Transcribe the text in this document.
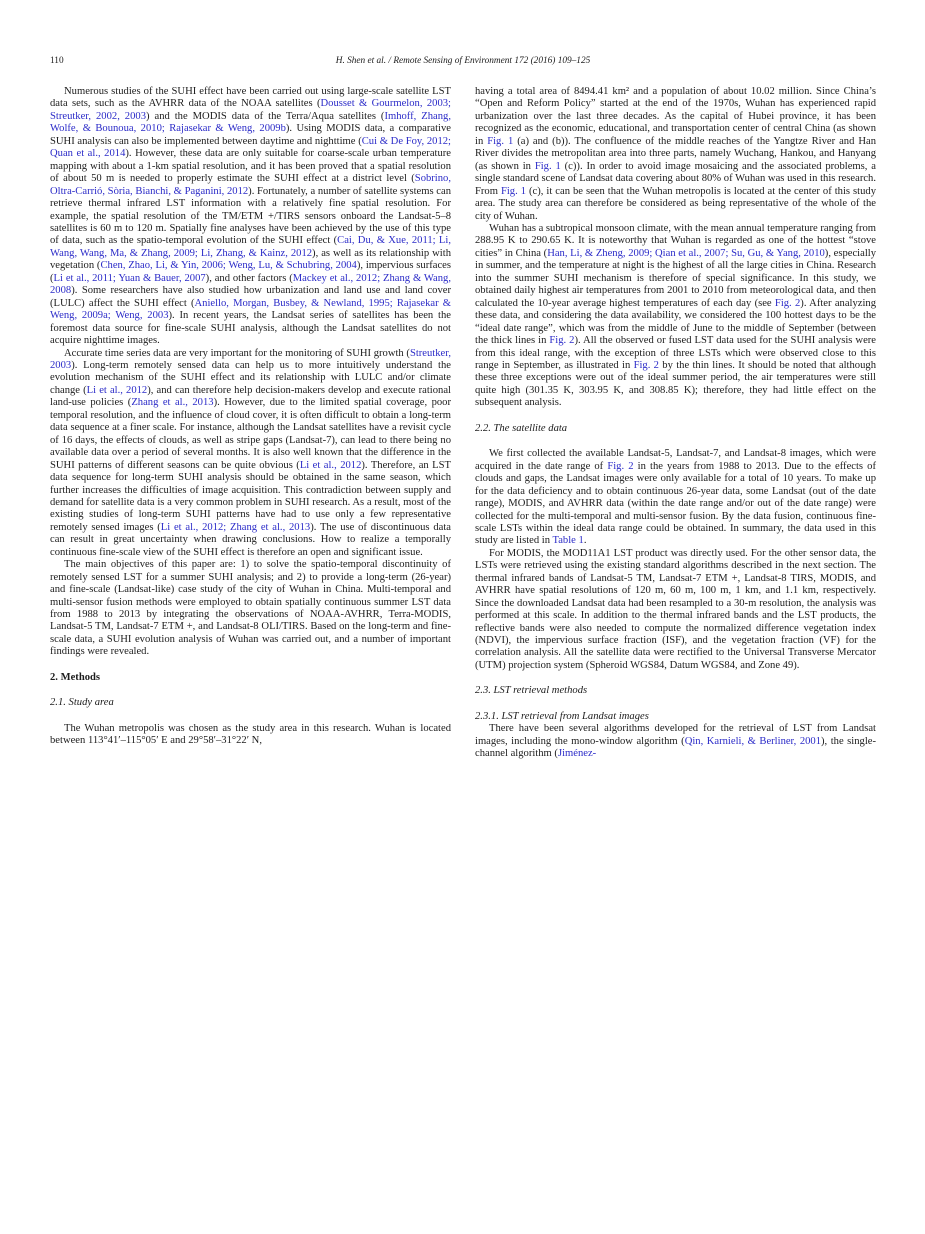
110	H. Shen et al. / Remote Sensing of Environment 172 (2016) 109–125

Numerous studies of the SUHI effect have been carried out using large-scale satellite LST data sets, such as the AVHRR data of the NOAA satellites (Dousset & Gourmelon, 2003; Streutker, 2002, 2003) and the MODIS data of the Terra/Aqua satellites (Imhoff, Zhang, Wolfe, & Bounoua, 2010; Rajasekar & Weng, 2009b). Using MODIS data, a comparative SUHI analysis can also be implemented between daytime and nighttime (Cui & De Foy, 2012; Quan et al., 2014). However, these data are only suitable for coarse-scale urban temperature mapping with about a 1-km spatial resolution, and it has been proved that a spatial resolution of about 50 m is needed to properly estimate the SUHI effect at a district level (Sobrino, Oltra-Carrió, Sòria, Bianchi, & Paganini, 2012). Fortunately, a number of satellite systems can retrieve thermal infrared LST information with a relatively fine spatial resolution. For example, the spatial resolution of the TM/ETM +/TIRS sensors onboard the Landsat-5–8 satellites is 60 m to 120 m. Spatially fine analyses have been achieved by the use of this type of data, such as the spatio-temporal evolution of the SUHI effect (Cai, Du, & Xue, 2011; Li, Wang, Wang, Ma, & Zhang, 2009; Li, Zhang, & Kainz, 2012), as well as its relationship with vegetation (Chen, Zhao, Li, & Yin, 2006; Weng, Lu, & Schubring, 2004), impervious surfaces (Li et al., 2011; Yuan & Bauer, 2007), and other factors (Mackey et al., 2012; Zhang & Wang, 2008). Some researchers have also studied how urbanization and land use and land cover (LULC) affect the SUHI effect (Aniello, Morgan, Busbey, & Newland, 1995; Rajasekar & Weng, 2009a; Weng, 2003). In recent years, the Landsat series of satellites has been the foremost data source for fine-scale SUHI analysis, although the Landsat satellites do not acquire nighttime images.

Accurate time series data are very important for the monitoring of SUHI growth (Streutker, 2003). Long-term remotely sensed data can help us to more intuitively understand the evolution mechanism of the SUHI effect and its relationship with LULC and/or climate change (Li et al., 2012), and can therefore help decision-makers develop and execute rational land-use policies (Zhang et al., 2013). However, due to the limited spatial coverage, poor temporal resolution, and the influence of cloud cover, it is often difficult to obtain a long-term data sequence at a finer scale. For instance, although the Landsat satellites have a revisit cycle of 16 days, the effects of clouds, as well as stripe gaps (Landsat-7), can lead to there being no available data over a period of several months. It is also well known that the difference in the SUHI patterns of different seasons can be quite obvious (Li et al., 2012). Therefore, an LST data sequence for long-term SUHI analysis should be obtained in the same season, which further increases the difficulties of image acquisition. This contradiction between supply and demand for satellite data is a very common problem in SUHI research. As a result, most of the existing studies of long-term SUHI patterns have had to use only a few representative remotely sensed images (Li et al., 2012; Zhang et al., 2013). The use of discontinuous data can result in great uncertainty when drawing conclusions. How to realize a temporally continuous fine-scale view of the SUHI effect is therefore an open and significant issue.

The main objectives of this paper are: 1) to solve the spatio-temporal discontinuity of remotely sensed LST for a summer SUHI analysis; and 2) to provide a long-term (26-year) and fine-scale (Landsat-like) case study of the city of Wuhan in China. Multi-temporal and multi-sensor fusion methods were employed to obtain spatially continuous summer LST data from 1988 to 2013 by integrating the observations of NOAA-AVHRR, Terra-MODIS, Landsat-5 TM, Landsat-7 ETM +, and Landsat-8 OLI/TIRS. Based on the long-term and fine-scale data, a SUHI evolution analysis of Wuhan was carried out, and a number of important findings were revealed.

2. Methods
2.1. Study area

The Wuhan metropolis was chosen as the study area in this research. Wuhan is located between 113°41′–115°05′ E and 29°58′–31°22′ N,

having a total area of 8494.41 km² and a population of about 10.02 million. Since China’s “Open and Reform Policy” started at the end of the 1970s, Wuhan has experienced rapid urbanization over the last three decades. As the capital of Hubei province, it has been recognized as the economic, educational, and transportation center of central China (as shown in Fig. 1 (a) and (b)). The confluence of the middle reaches of the Yangtze River and Han River divides the metropolitan area into three parts, namely Wuchang, Hankou, and Hanyang (as shown in Fig. 1 (c)). In order to avoid image mosaicing and the associated problems, a single standard scene of Landsat data covering about 80% of Wuhan was used in this research. From Fig. 1 (c), it can be seen that the Wuhan metropolis is located at the center of this study area. The study area can therefore be considered as being representative of the whole of the city of Wuhan.

Wuhan has a subtropical monsoon climate, with the mean annual temperature ranging from 288.95 K to 290.65 K. It is noteworthy that Wuhan is regarded as one of the hottest “stove cities” in China (Han, Li, & Zheng, 2009; Qian et al., 2007; Su, Gu, & Yang, 2010), especially in summer, and the temperature at night is the highest of all the large cities in China. Research into the summer SUHI mechanism is therefore of special significance. In this study, we obtained daily highest air temperatures from 2001 to 2010 from meteorological data, and then calculated the 10-year average highest temperatures of each day (see Fig. 2). After analyzing these data, and considering the data availability, we considered the 100 hottest days to be the “ideal date range”, which was from the middle of June to the middle of September (between the thick lines in Fig. 2). All the observed or fused LST data used for the SUHI analysis were from this ideal range, with the exception of three LSTs which were observed close to this range in September, as illustrated in Fig. 2 by the thin lines. It should be noted that although these three exceptions were out of the ideal summer period, the air temperatures were still quite high (301.35 K, 303.95 K, and 308.85 K); therefore, they had little effect on the subsequent analysis.

2.2. The satellite data

We first collected the available Landsat-5, Landsat-7, and Landsat-8 images, which were acquired in the date range of Fig. 2 in the years from 1988 to 2013. Due to the effects of clouds and gaps, the Landsat images were only available for a total of 10 years. To make up for the data deficiency and to obtain continuous 26-year data, some Landsat (out of the date range), MODIS, and AVHRR data (within the date range and/or out of the date range) were collected for the multi-temporal and multi-sensor fusion. By the data fusion, continuous fine-scale LSTs within the ideal data range could be obtained. In summary, the data used in this study are listed in Table 1.

For MODIS, the MOD11A1 LST product was directly used. For the other sensor data, the LSTs were retrieved using the existing standard algorithms described in the next section. The thermal infrared bands of Landsat-5 TM, Landsat-7 ETM +, Landsat-8 TIRS, MODIS, and AVHRR have spatial resolutions of 120 m, 60 m, 100 m, 1 km, and 1.1 km, respectively. Since the downloaded Landsat data had been resampled to a 30-m resolution, the analysis was performed at this scale. In addition to the thermal infrared bands and the LST products, the reflective bands were also needed to compute the normalized difference vegetation index (NDVI), the impervious surface fraction (ISF), and the vegetation fraction (VF) for the correlation analysis. All the satellite data were rectified to the Universal Transverse Mercator (UTM) projection system (Spheroid WGS84, Datum WGS84, and Zone 49).

2.3. LST retrieval methods
2.3.1. LST retrieval from Landsat images

There have been several algorithms developed for the retrieval of LST from Landsat images, including the mono-window algorithm (Qin, Karnieli, & Berliner, 2001), the single-channel algorithm (Jiménez-
